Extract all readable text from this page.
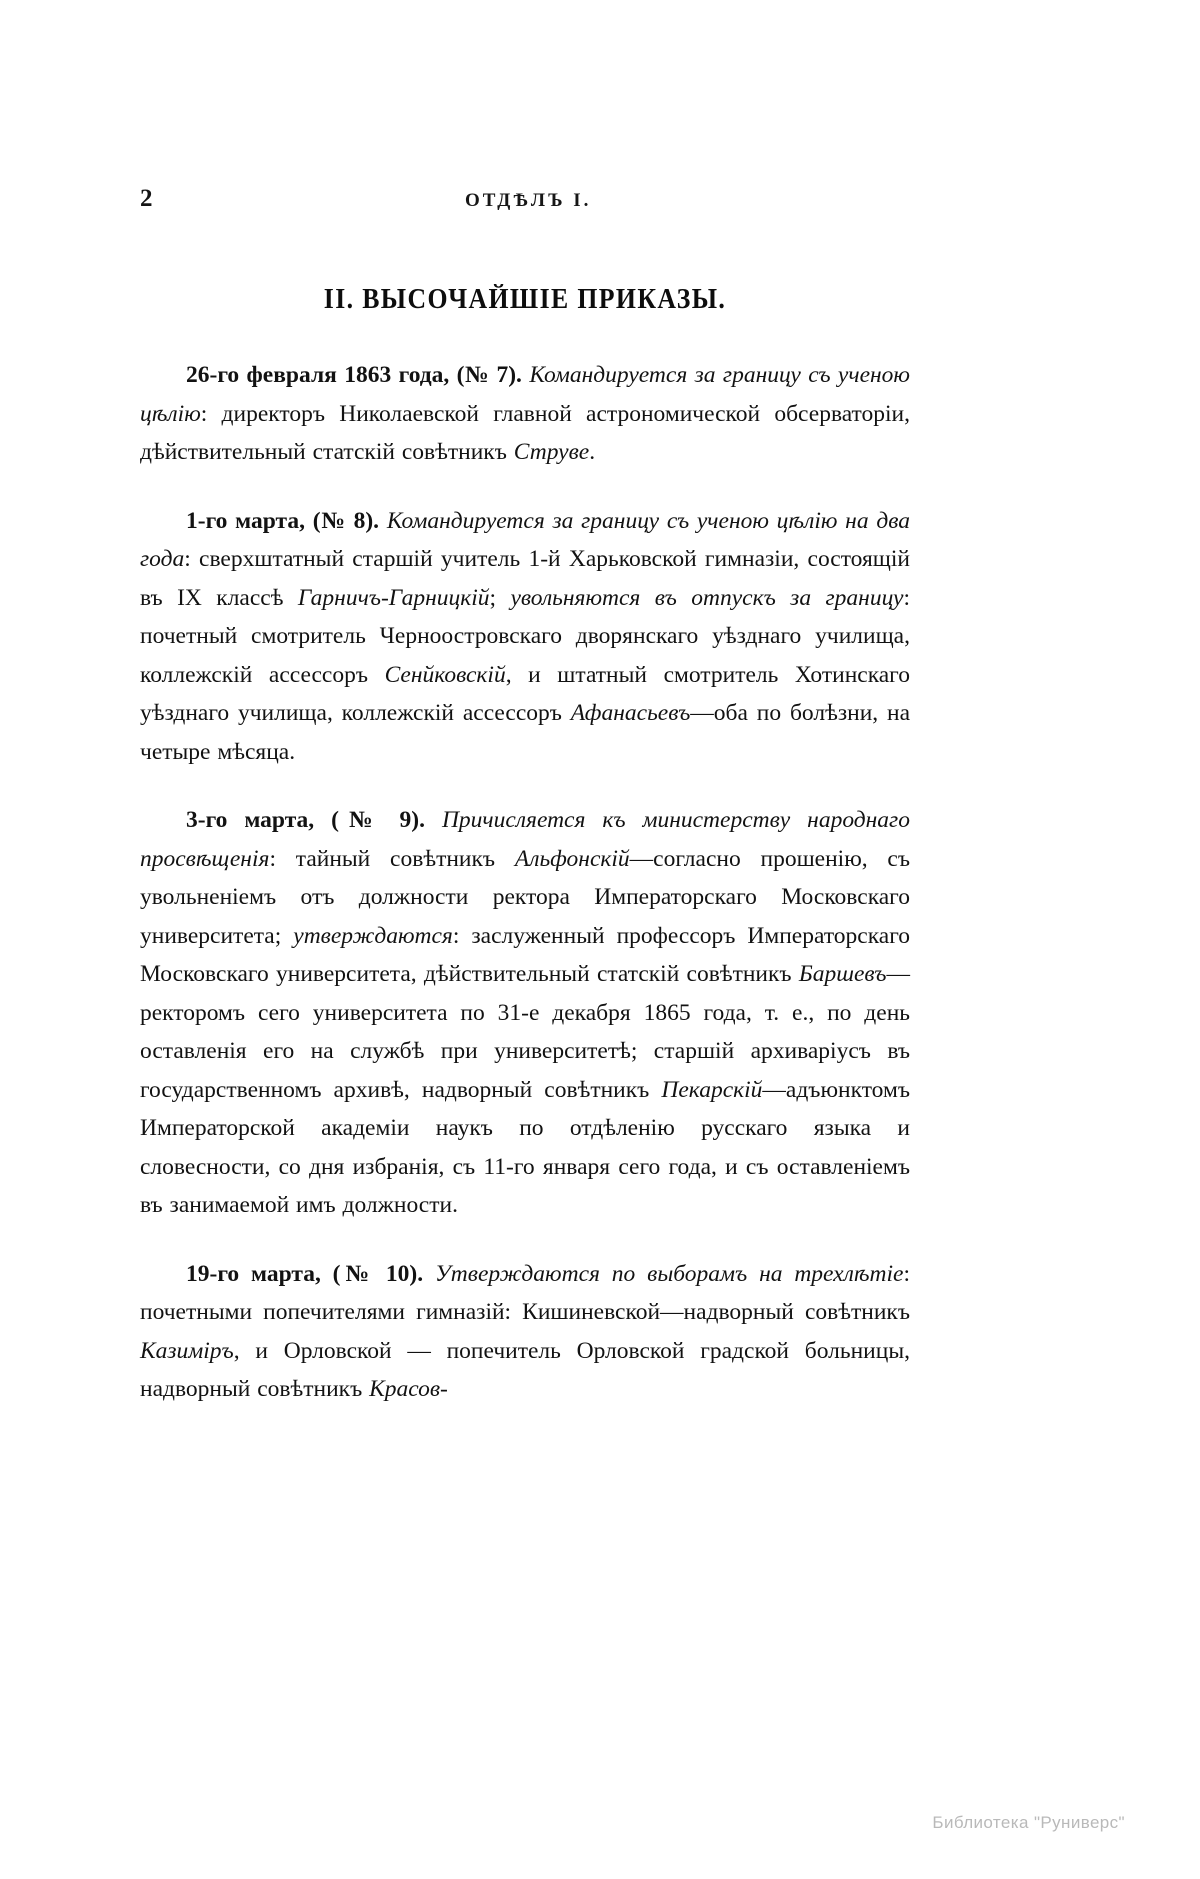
2	ОТДѢЛЪ I.
II. ВЫСОЧАЙШІЕ ПРИКАЗЫ.
26-го февраля 1863 года, (№ 7). Командируется за границу съ ученою цѣлію: директоръ Николаевской главной астрономической обсерваторіи, дѣйствительный статскій совѣтникъ Струве.
1-го марта, (№ 8). Командируется за границу съ ученою цѣлію на два года: сверхштатный старшій учитель 1-й Харьковской гимназіи, состоящій въ IX классѣ Гарничъ-Гарницкій; увольняются въ отпускъ за границу: почетный смотритель Черноостровскаго дворянскаго уѣзднаго училища, коллежскій ассессоръ Сенйковскій, и штатный смотритель Хотинскаго уѣзднаго училища, коллежскій ассессоръ Афанасьевъ—оба по болѣзни, на четыре мѣсяца.
3-го марта, (№ 9). Причисляется къ министерству народнаго просвѣщенія: тайный совѣтникъ Альфонскій—согласно прошенію, съ увольненіемъ отъ должности ректора Императорскаго Московскаго университета; утверждаются: заслуженный профессоръ Императорскаго Московскаго университета, дѣйствительный статскій совѣтникъ Баршевъ—ректоромъ сего университета по 31-е декабря 1865 года, т. е., по день оставленія его на службѣ при университетѣ; старшій архиваріусъ въ государственномъ архивѣ, надворный совѣтникъ Пекарскій—адъюнктомъ Императорской академіи наукъ по отдѣленію русскаго языка и словесности, со дня избранія, съ 11-го января сего года, и съ оставленіемъ въ занимаемой имъ должности.
19-го марта, (№ 10). Утверждаются по выборамъ на трехлѣтіе: почетными попечителями гимназій: Кишиневской—надворный совѣтникъ Казиміръ, и Орловской — попечитель Орловской градской больницы, надворный совѣтникъ Красов-
Библиотека "Руниверс"
